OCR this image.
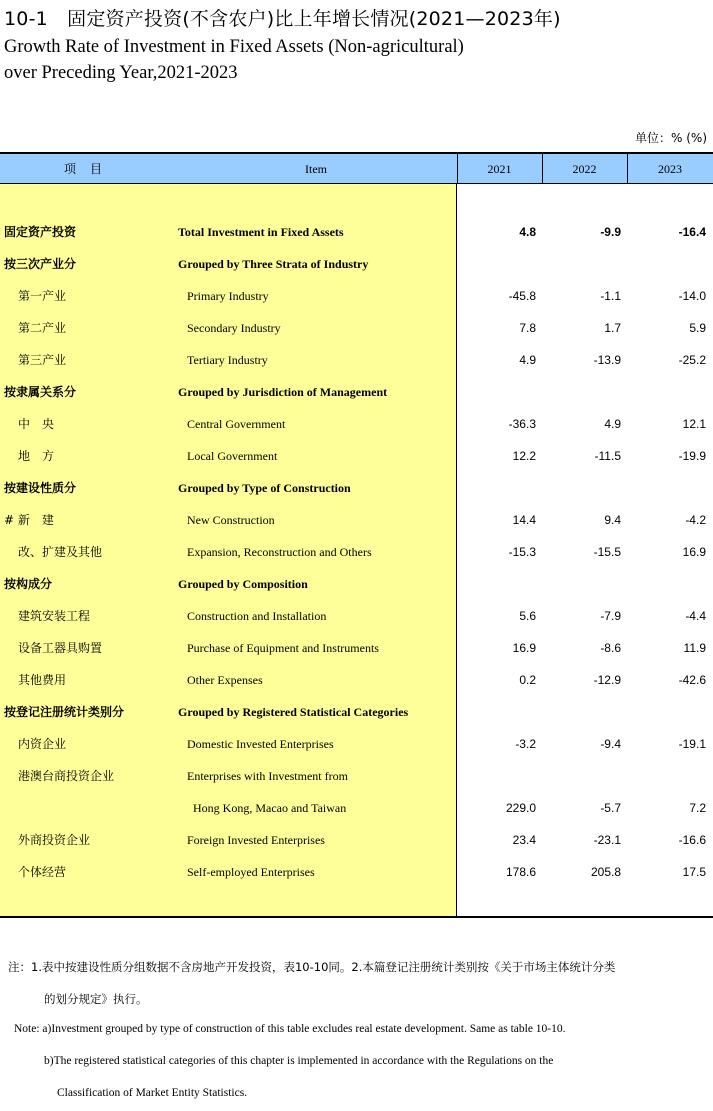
10-1　固定资产投资(不含农户)比上年增长情况(2021—2023年)
Growth Rate of Investment in Fixed Assets (Non-agricultural)
over Preceding Year,2021-2023
单位：% (%)
项目	Item	2021	2022	2023
固定资产投资	Total Investment in Fixed Assets	4.8	-9.9	-16.4
按三次产业分	Grouped by Three Strata of Industry
第一产业	Primary Industry	-45.8	-1.1	-14.0
第二产业	Secondary Industry	7.8	1.7	5.9
第三产业	Tertiary Industry	4.9	-13.9	-25.2
按隶属关系分	Grouped by Jurisdiction of Management
中　央	Central Government	-36.3	4.9	12.1
地　方	Local Government	12.2	-11.5	-19.9
按建设性质分	Grouped by Type of Construction
# 新　建	New Construction	14.4	9.4	-4.2
改、扩建及其他	Expansion, Reconstruction and Others	-15.3	-15.5	16.9
按构成分	Grouped by Composition
建筑安装工程	Construction and Installation	5.6	-7.9	-4.4
设备工器具购置	Purchase of Equipment and Instruments	16.9	-8.6	11.9
其他费用	Other Expenses	0.2	-12.9	-42.6
按登记注册统计类别分	Grouped by Registered Statistical Categories
内资企业	Domestic Invested Enterprises	-3.2	-9.4	-19.1
港澳台商投资企业	Enterprises with Investment from
Hong Kong, Macao and Taiwan	229.0	-5.7	7.2
外商投资企业	Foreign Invested Enterprises	23.4	-23.1	-16.6
个体经营	Self-employed Enterprises	178.6	205.8	17.5
注：1.表中按建设性质分组数据不含房地产开发投资，表10-10同。2.本篇登记注册统计类别按《关于市场主体统计分类
的划分规定》执行。
Note: a)Investment grouped by type of construction of this table excludes real estate development. Same as table 10-10.
b)The registered statistical categories of this chapter is implemented in accordance with the Regulations on the
Classification of Market Entity Statistics.
